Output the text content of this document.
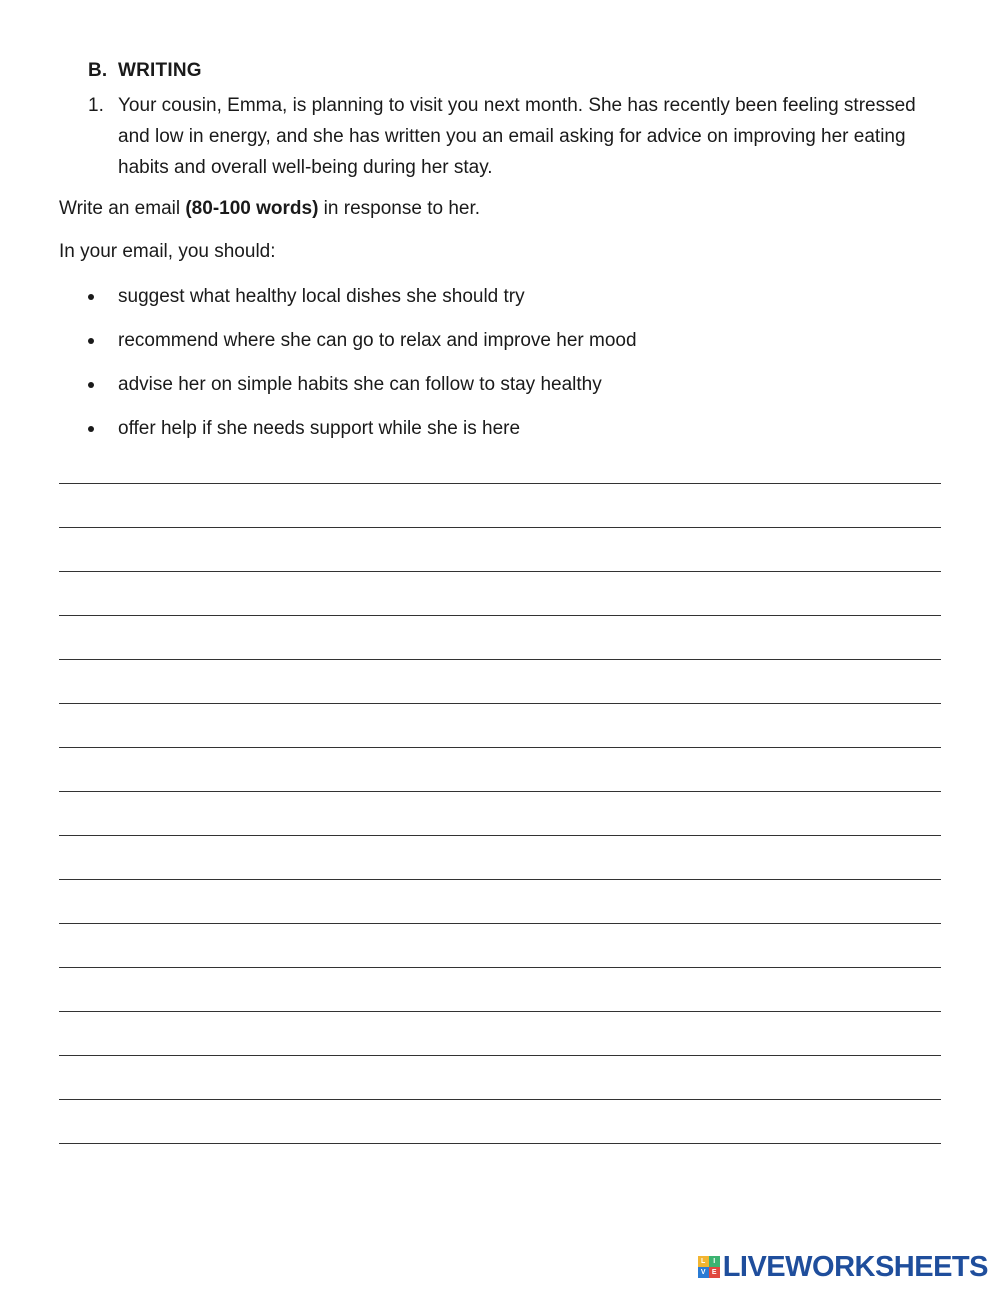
B. WRITING
1. Your cousin, Emma, is planning to visit you next month. She has recently been feeling stressed and low in energy, and she has written you an email asking for advice on improving her eating habits and overall well-being during her stay.
Write an email (80-100 words) in response to her.
In your email, you should:
suggest what healthy local dishes she should try
recommend where she can go to relax and improve her mood
advise her on simple habits she can follow to stay healthy
offer help if she needs support while she is here
L	I
V E LIVEWORKSHEETS
